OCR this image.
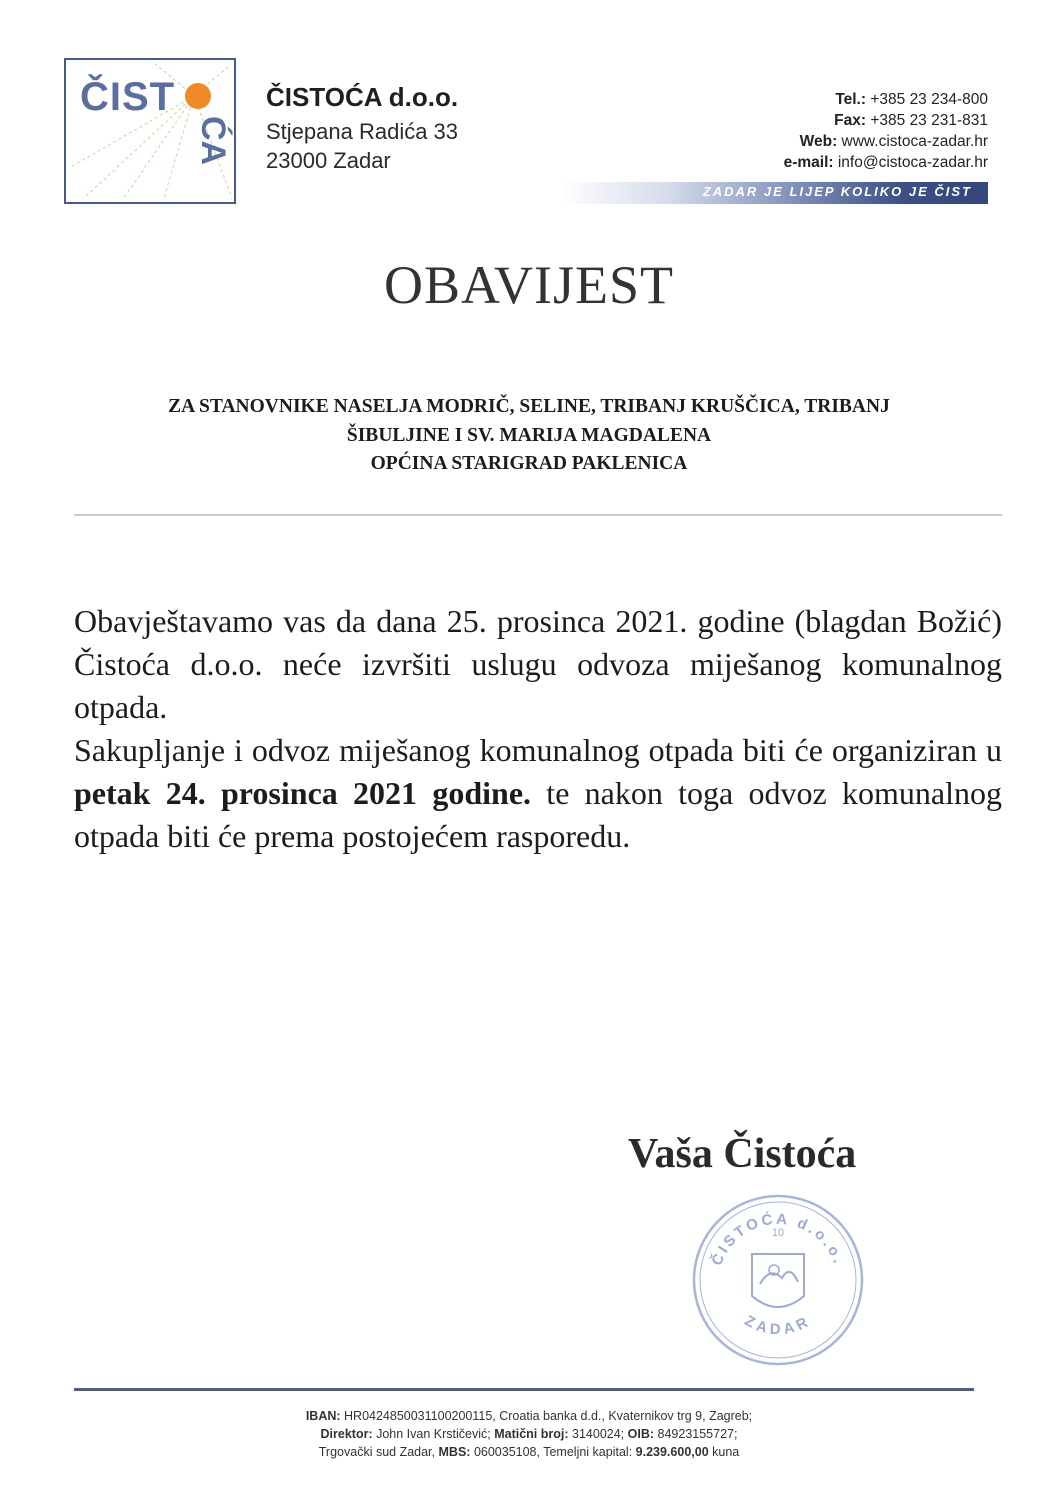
ČIST
ĆA
ČISTOĆA d.o.o.
Stjepana Radića 33
23000 Zadar
Tel.: +385 23 234-800
Fax: +385 23 231-831
Web: www.cistoca-zadar.hr
e-mail: info@cistoca-zadar.hr
ZADAR JE LIJEP KOLIKO JE ČIST
OBAVIJEST
ZA STANOVNIKE NASELJA MODRIČ, SELINE, TRIBANJ KRUŠČICA, TRIBANJ
ŠIBULJINE I SV. MARIJA MAGDALENA
OPĆINA STARIGRAD PAKLENICA

Obavještavamo vas da dana 25. prosinca 2021. godine (blagdan Božić) Čistoća d.o.o. neće izvršiti uslugu odvoza miješanog komunalnog otpada.

Sakupljanje i odvoz miješanog komunalnog otpada biti će organiziran u petak 24. prosinca 2021 godine. te nakon toga odvoz komunalnog otpada biti će prema postojećem rasporedu.

Vaša Čistoća
ČISTOĆA d.o.o.
10
ZADAR
IBAN: HR0424850031100200115, Croatia banka d.d., Kvaternikov trg 9, Zagreb;
Direktor: John Ivan Krstičević; Matični broj: 3140024; OIB: 84923155727;
Trgovački sud Zadar, MBS: 060035108, Temeljni kapital: 9.239.600,00 kuna
